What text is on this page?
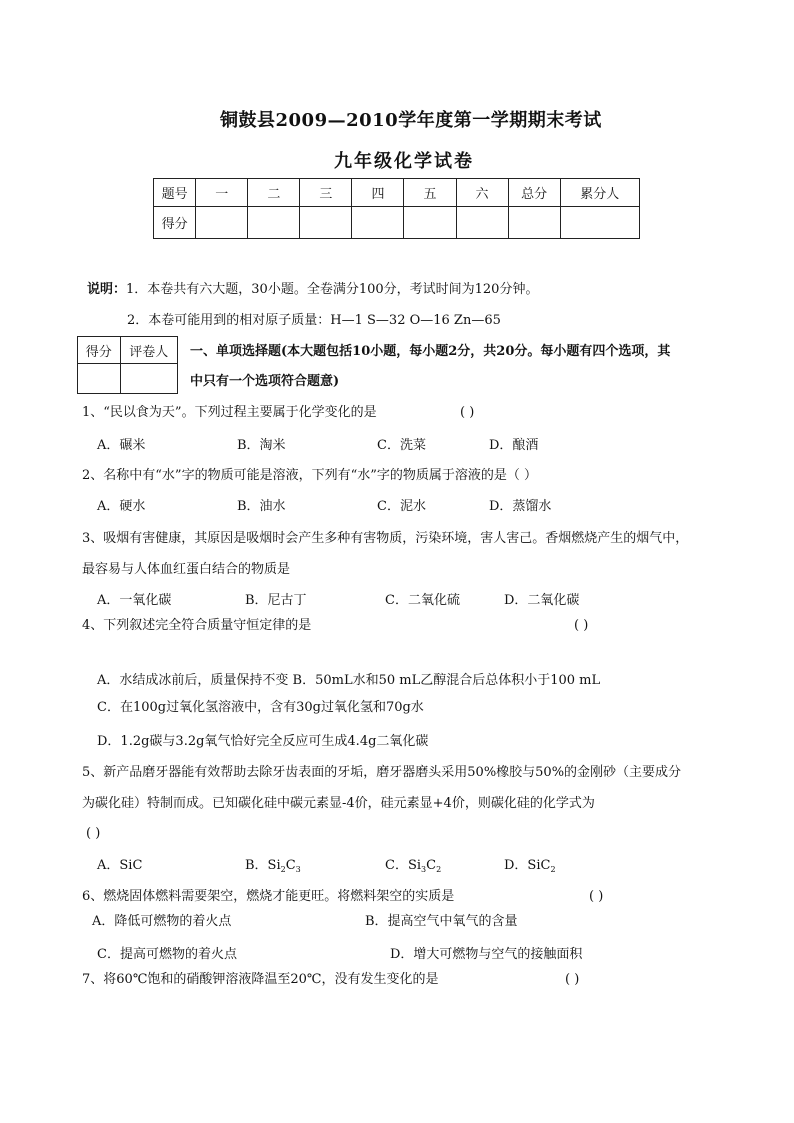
铜鼓县2009—2010学年度第一学期期末考试
九年级化学试卷
题号	一	二	三	四	五	六	总分	累分人
得分								
说明：1．本卷共有六大题，30小题。全卷满分100分，考试时间为120分钟。
2．本卷可能用到的相对原子质量：H—1 S—32 O—16 Zn—65
得分	评卷人
	一、单项选择题(本大题包括10小题，每小题2分，共20分。每小题有四个选项，其
中只有一个选项符合题意)
1、“民以食为天”。下列过程主要属于化学变化的是	( )
A．碾米	B．淘米	C．洗菜	D．酿酒
2、名称中有“水”字的物质可能是溶液，下列有“水”字的物质属于溶液的是（ ）
A．硬水	B．油水	C．泥水	D．蒸馏水
3、吸烟有害健康，其原因是吸烟时会产生多种有害物质，污染环境，害人害己。香烟燃烧产生的烟气中，
最容易与人体血红蛋白结合的物质是
A．一氧化碳	B．尼古丁	C．二氧化硫	D．二氧化碳
4、下列叙述完全符合质量守恒定律的是	( )
A．水结成冰前后，质量保持不变 B．50mL水和50 mL乙醇混合后总体积小于100 mL
C．在100g过氧化氢溶液中，含有30g过氧化氢和70g水
D．1.2g碳与3.2g氧气恰好完全反应可生成4.4g二氧化碳
5、新产品磨牙器能有效帮助去除牙齿表面的牙垢，磨牙器磨头采用50%橡胶与50%的金刚砂（主要成分
为碳化硅）特制而成。已知碳化硅中碳元素显-4价，硅元素显+4价，则碳化硅的化学式为
( )
A．SiC	B．$Si_2C_3$	C．$Si_3C_2$	D．SiC$_2$
6、燃烧固体燃料需要架空，燃烧才能更旺。将燃料架空的实质是	( )
A．降低可燃物的着火点	B．提高空气中氧气的含量
C．提高可燃物的着火点	D．增大可燃物与空气的接触面积
7、将60℃饱和的硝酸钾溶液降温至20℃，没有发生变化的是	( )
